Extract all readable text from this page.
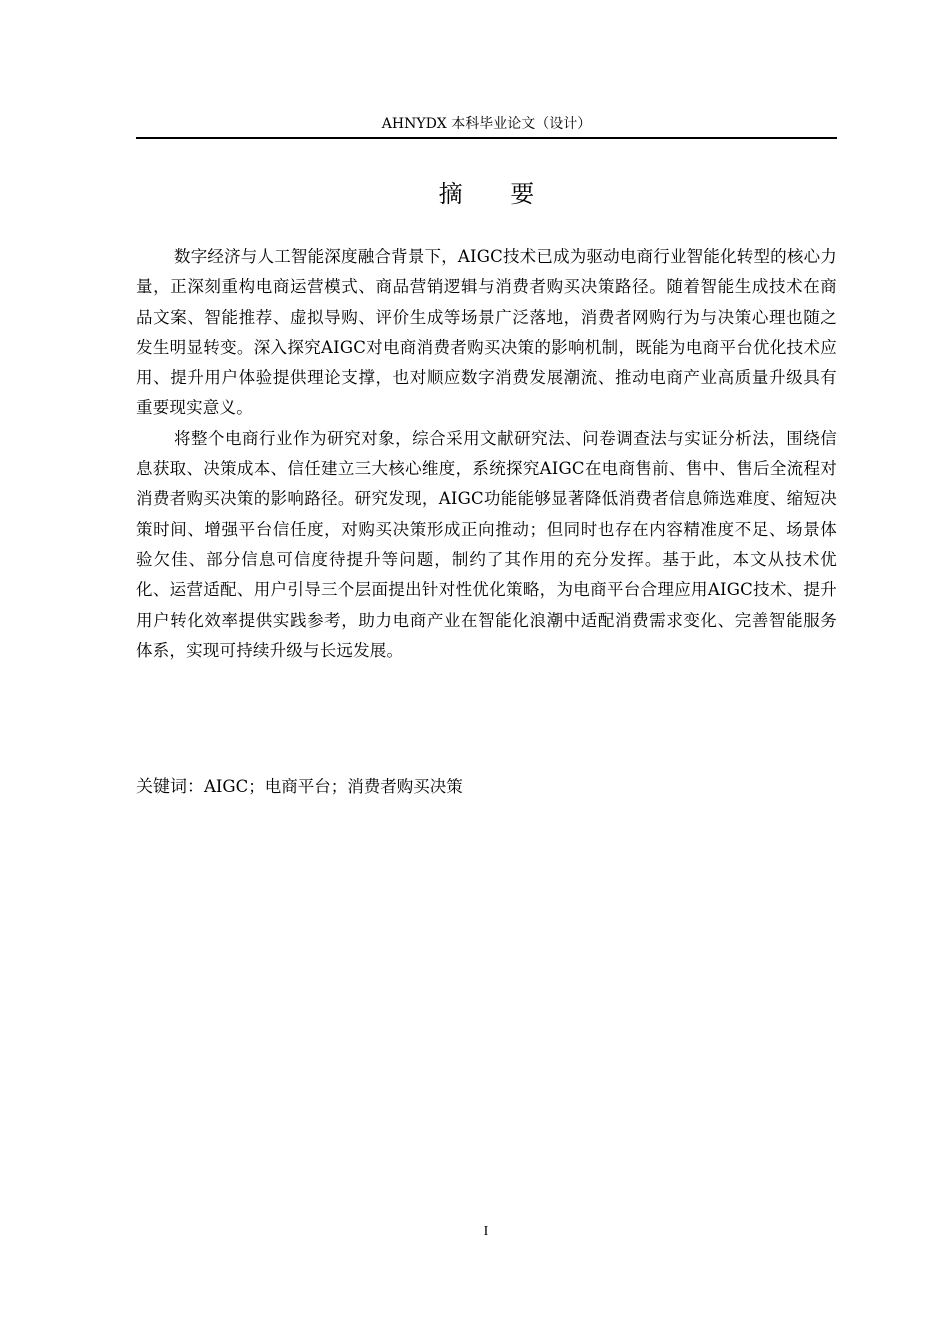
AHNYDX 本科毕业论文（设计）
摘 要

数字经济与人工智能深度融合背景下，AIGC技术已成为驱动电商行业智能化转型的核心力量，正深刻重构电商运营模式、商品营销逻辑与消费者购买决策路径。随着智能生成技术在商品文案、智能推荐、虚拟导购、评价生成等场景广泛落地，消费者网购行为与决策心理也随之发生明显转变。深入探究AIGC对电商消费者购买决策的影响机制，既能为电商平台优化技术应用、提升用户体验提供理论支撑，也对顺应数字消费发展潮流、推动电商产业高质量升级具有重要现实意义。

将整个电商行业作为研究对象，综合采用文献研究法、问卷调查法与实证分析法，围绕信息获取、决策成本、信任建立三大核心维度，系统探究AIGC在电商售前、售中、售后全流程对消费者购买决策的影响路径。研究发现，AIGC功能能够显著降低消费者信息筛选难度、缩短决策时间、增强平台信任度，对购买决策形成正向推动；但同时也存在内容精准度不足、场景体验欠佳、部分信息可信度待提升等问题，制约了其作用的充分发挥。基于此，本文从技术优化、运营适配、用户引导三个层面提出针对性优化策略，为电商平台合理应用AIGC技术、提升用户转化效率提供实践参考，助力电商产业在智能化浪潮中适配消费需求变化、完善智能服务体系，实现可持续升级与长远发展。

关键词：AIGC；电商平台；消费者购买决策
I
